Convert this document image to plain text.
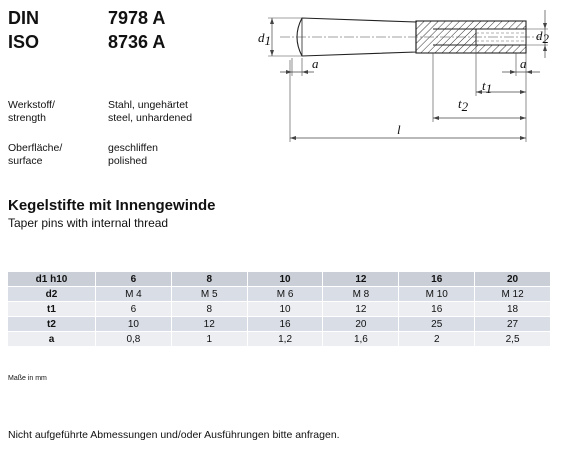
DIN	7978 A
ISO	8736 A
Werkstoff/
strength
Stahl, ungehärtet
steel, unhardened
Oberfläche/
surface
geschliffen
polished
d1	d2
a	a
t1
t2
l
Kegelstifte mit Innengewinde
Taper pins with internal thread
d1 h10	6	8	10	12	16	20
d2	M 4	M 5	M 6	M 8	M 10	M 12
t1	6	8	10	12	16	18
t2	10	12	16	20	25	27
a	0,8	1	1,2	1,6	2	2,5
Maße in mm
Nicht aufgeführte Abmessungen und/oder Ausführungen bitte anfragen.
